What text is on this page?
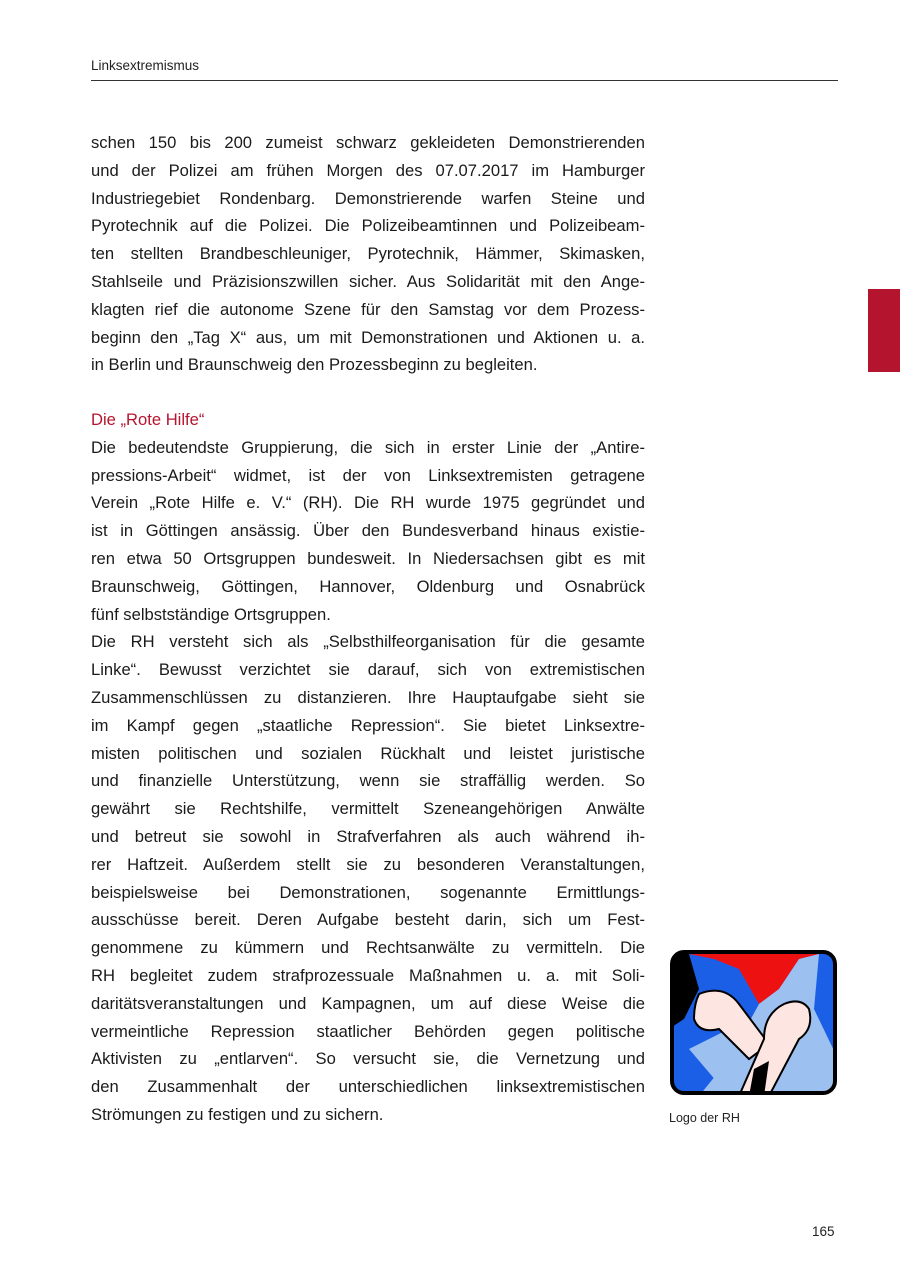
Linksextremismus
schen 150 bis 200 zumeist schwarz gekleideten Demonstrierenden
und der Polizei am frühen Morgen des 07.07.2017 im Hamburger
Industriegebiet Rondenbarg. Demonstrierende warfen Steine und
Pyrotechnik auf die Polizei. Die Polizeibeamtinnen und Polizeibeam-
ten stellten Brandbeschleuniger, Pyrotechnik, Hämmer, Skimasken,
Stahlseile und Präzisionszwillen sicher. Aus Solidarität mit den Ange-
klagten rief die autonome Szene für den Samstag vor dem Prozess-
beginn den „Tag X“ aus, um mit Demonstrationen und Aktionen u. a.
in Berlin und Braunschweig den Prozessbeginn zu begleiten.
Die „Rote Hilfe“
Die bedeutendste Gruppierung, die sich in erster Linie der „Antire-
pressions-Arbeit“ widmet, ist der von Linksextremisten getragene
Verein „Rote Hilfe e. V.“ (RH). Die RH wurde 1975 gegründet und
ist in Göttingen ansässig. Über den Bundesverband hinaus existie-
ren etwa 50 Ortsgruppen bundesweit. In Niedersachsen gibt es mit
Braunschweig, Göttingen, Hannover, Oldenburg und Osnabrück
fünf selbstständige Ortsgruppen.
Die RH versteht sich als „Selbsthilfeorganisation für die gesamte
Linke“. Bewusst verzichtet sie darauf, sich von extremistischen
Zusammenschlüssen zu distanzieren. Ihre Hauptaufgabe sieht sie
im Kampf gegen „staatliche Repression“. Sie bietet Linksextre-
misten politischen und sozialen Rückhalt und leistet juristische
und finanzielle Unterstützung, wenn sie straffällig werden. So
gewährt sie Rechtshilfe, vermittelt Szeneangehörigen Anwälte
und betreut sie sowohl in Strafverfahren als auch während ih-
rer Haftzeit. Außerdem stellt sie zu besonderen Veranstaltungen,
beispielsweise bei Demonstrationen, sogenannte Ermittlungs-
ausschüsse bereit. Deren Aufgabe besteht darin, sich um Fest-
genommene zu kümmern und Rechtsanwälte zu vermitteln. Die
RH begleitet zudem strafprozessuale Maßnahmen u. a. mit Soli-
daritätsveranstaltungen und Kampagnen, um auf diese Weise die
vermeintliche Repression staatlicher Behörden gegen politische
Aktivisten zu „entlarven“. So versucht sie, die Vernetzung und
den Zusammenhalt der unterschiedlichen linksextremistischen
Strömungen zu festigen und zu sichern.	Logo der RH
165
